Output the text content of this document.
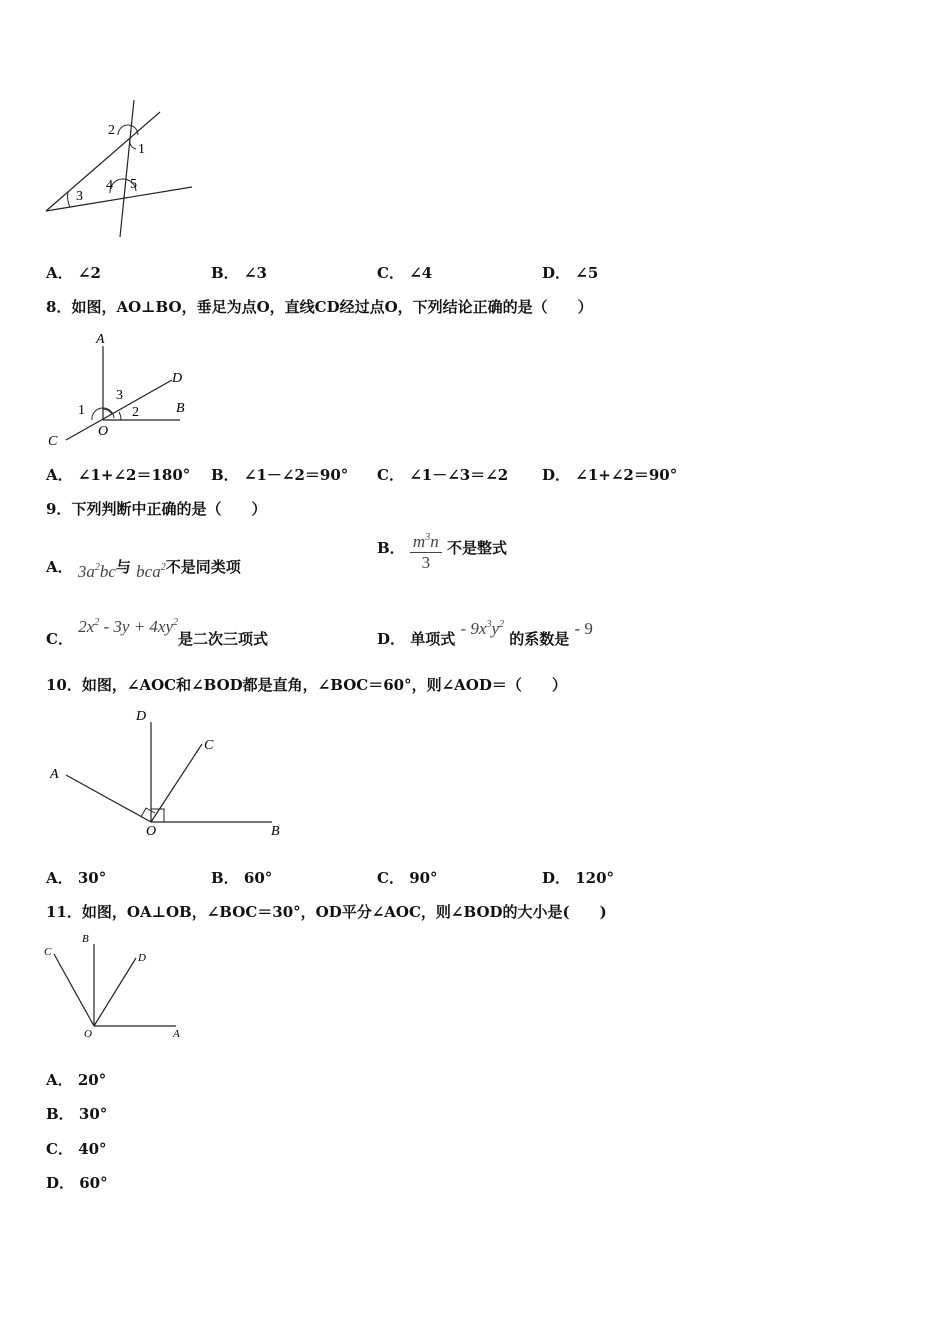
2
1
3
4 5
A． ∠2	B． ∠3	C． ∠4	D． ∠5
8．如图，AO⊥BO，垂足为点O，直线CD经过点O，下列结论正确的是（　　）
A
D
B
C
O
1	2
3
A． ∠1+∠2＝180° B． ∠1－∠2＝90° C． ∠1－∠3＝∠2 D． ∠1+∠2＝90°
9．下列判断中正确的是（　　）
A． $3a^2bc$与 bca$^2$不是同类项
B． $\frac{m^3n}{3}$ 不是整式
C． $2x^2 - 3y + 4xy^2$是二次三项式	D． 单项式 - $9x^3y^2$ 的系数是 - 9
10．如图，∠AOC和∠BOD都是直角，∠BOC＝60°，则∠AOD＝（　　）
D
C
A
O	B
A． 30°	B． 60°	C． 90°	D． 120°
11．如图，OA⊥OB，∠BOC＝30°，OD平分∠AOC，则∠BOD的大小是(　　)
C
B
D
O	A
A． 20°
B． 30°
C． 40°
D． 60°
